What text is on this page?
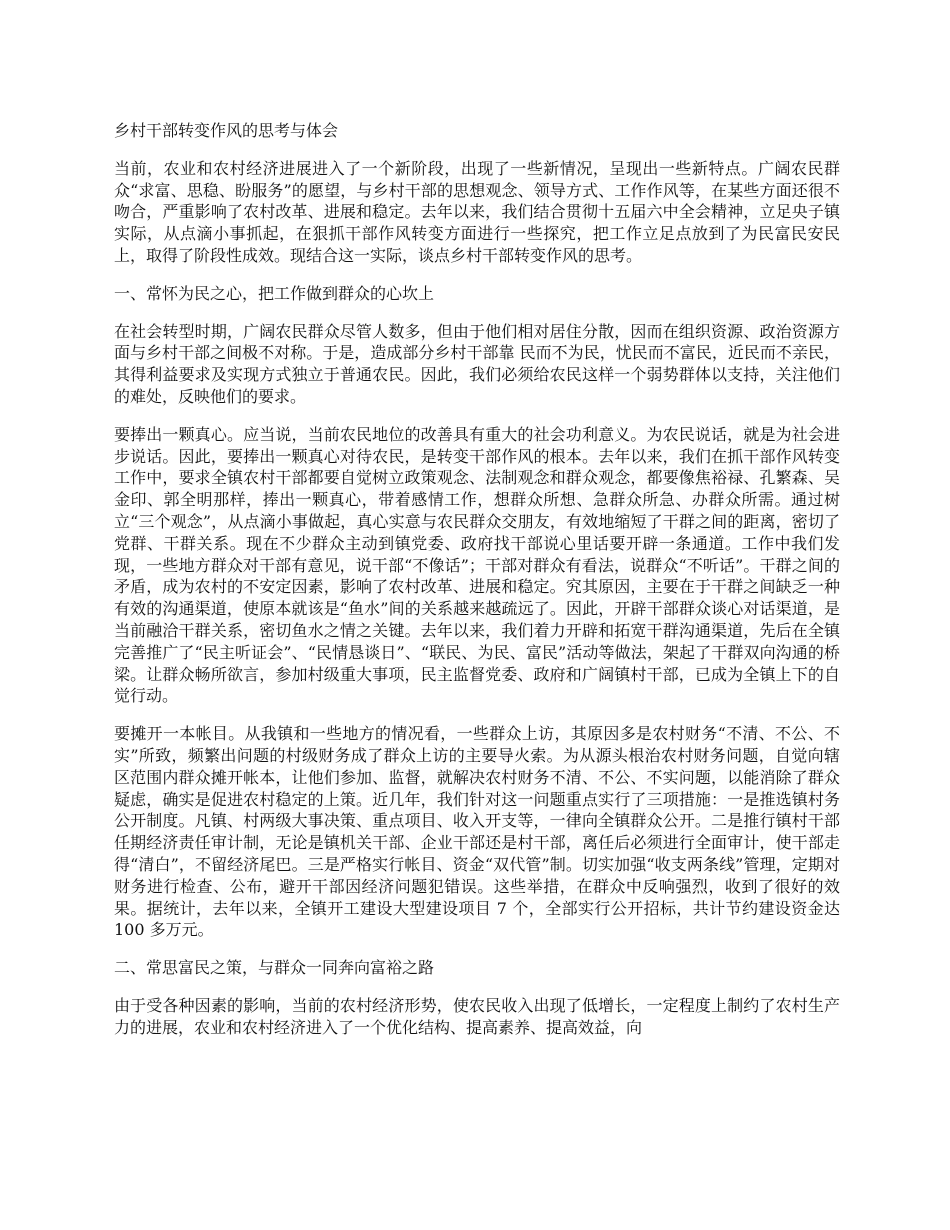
乡村干部转变作风的思考与体会

当前，农业和农村经济进展进入了一个新阶段，出现了一些新情况，呈现出一些新特点。广阔农民群众“求富、思稳、盼服务”的愿望，与乡村干部的思想观念、领导方式、工作作风等，在某些方面还很不吻合，严重影响了农村改革、进展和稳定。去年以来，我们结合贯彻十五届六中全会精神，立足央子镇实际，从点滴小事抓起，在狠抓干部作风转变方面进行一些探究，把工作立足点放到了为民富民安民上，取得了阶段性成效。现结合这一实际，谈点乡村干部转变作风的思考。

一、常怀为民之心，把工作做到群众的心坎上

在社会转型时期，广阔农民群众尽管人数多，但由于他们相对居住分散，因而在组织资源、政治资源方面与乡村干部之间极不对称。于是，造成部分乡村干部靠 民而不为民，忧民而不富民，近民而不亲民，其得利益要求及实现方式独立于普通农民。因此，我们必须给农民这样一个弱势群体以支持，关注他们的难处，反映他们的要求。

要捧出一颗真心。应当说，当前农民地位的改善具有重大的社会功利意义。为农民说话，就是为社会进步说话。因此，要捧出一颗真心对待农民，是转变干部作风的根本。去年以来，我们在抓干部作风转变工作中，要求全镇农村干部都要自觉树立政策观念、法制观念和群众观念，都要像焦裕禄、孔繁森、吴金印、郭全明那样，捧出一颗真心，带着感情工作，想群众所想、急群众所急、办群众所需。通过树立“三个观念”，从点滴小事做起，真心实意与农民群众交朋友，有效地缩短了干群之间的距离，密切了党群、干群关系。现在不少群众主动到镇党委、政府找干部说心里话要开辟一条通道。工作中我们发现，一些地方群众对干部有意见，说干部“不像话”；干部对群众有看法，说群众“不听话”。干群之间的矛盾，成为农村的不安定因素，影响了农村改革、进展和稳定。究其原因，主要在于干群之间缺乏一种有效的沟通渠道，使原本就该是“鱼水”间的关系越来越疏远了。因此，开辟干部群众谈心对话渠道，是当前融洽干群关系，密切鱼水之情之关键。去年以来，我们着力开辟和拓宽干群沟通渠道，先后在全镇完善推广了“民主听证会”、“民情恳谈日”、“联民、为民、富民”活动等做法，架起了干群双向沟通的桥梁。让群众畅所欲言，参加村级重大事项，民主监督党委、政府和广阔镇村干部，已成为全镇上下的自觉行动。

要摊开一本帐目。从我镇和一些地方的情况看，一些群众上访，其原因多是农村财务“不清、不公、不实”所致，频繁出问题的村级财务成了群众上访的主要导火索。为从源头根治农村财务问题，自觉向辖区范围内群众摊开帐本，让他们参加、监督，就解决农村财务不清、不公、不实问题，以能消除了群众疑虑，确实是促进农村稳定的上策。近几年，我们针对这一问题重点实行了三项措施：一是推选镇村务公开制度。凡镇、村两级大事决策、重点项目、收入开支等，一律向全镇群众公开。二是推行镇村干部任期经济责任审计制，无论是镇机关干部、企业干部还是村干部，离任后必须进行全面审计，使干部走得“清白”，不留经济尾巴。三是严格实行帐目、资金“双代管”制。切实加强“收支两条线”管理，定期对财务进行检查、公布，避开干部因经济问题犯错误。这些举措，在群众中反响强烈，收到了很好的效果。据统计，去年以来，全镇开工建设大型建设项目 7 个，全部实行公开招标，共计节约建设资金达 100 多万元。

二、常思富民之策，与群众一同奔向富裕之路

由于受各种因素的影响，当前的农村经济形势，使农民收入出现了低增长，一定程度上制约了农村生产力的进展，农业和农村经济进入了一个优化结构、提高素养、提高效益，向
